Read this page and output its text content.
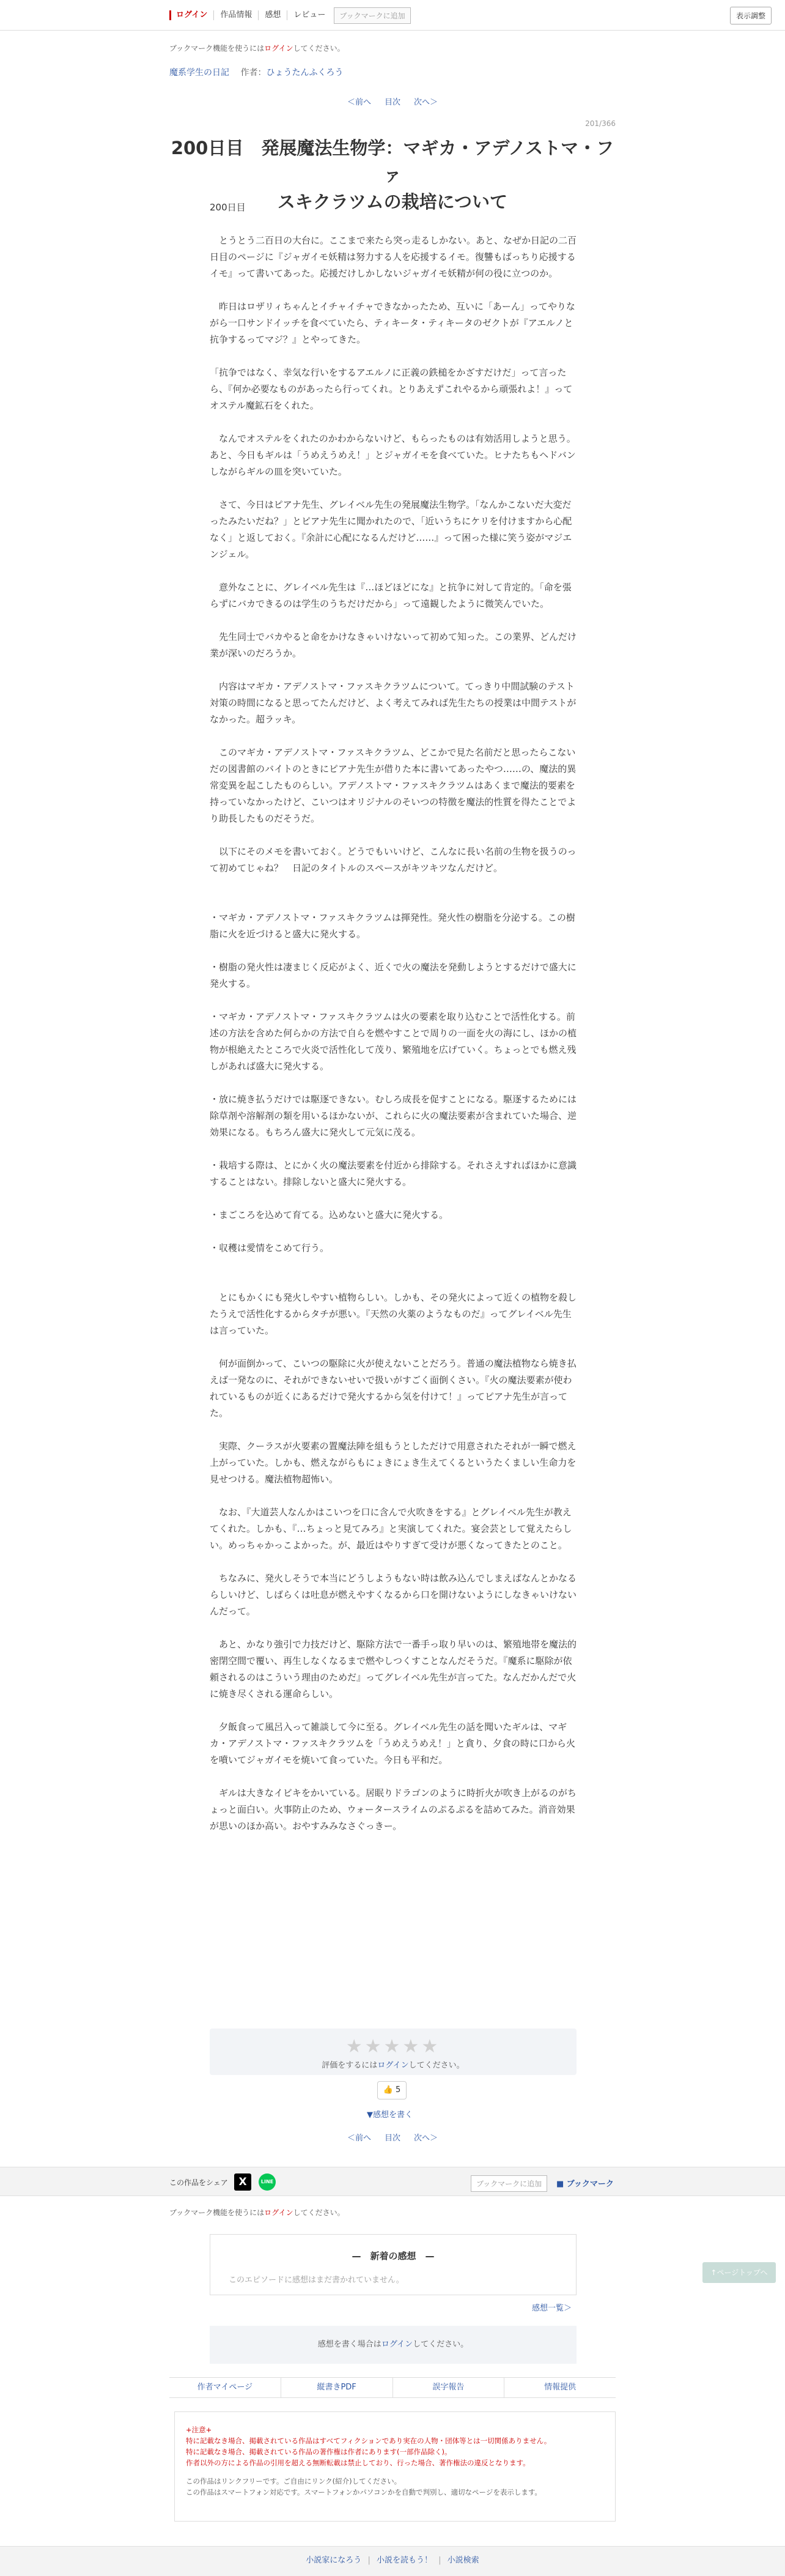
ログイン	作品情報	感想	レビュー	ブックマークに追加	表示調整
ブックマーク機能を使うにはログインしてください。
魔系学生の日記 作者：ひょうたんふくろう
＜前へ 目次 次へ＞
201/366
200日目　発展魔法生物学：マギカ・アデノストマ・ファ
スキクラツムの栽培について

200日目

　とうとう二百日の大台に。ここまで来たら突っ走るしかない。あと、なぜか日記の二百日目のページに『ジャガイモ妖精は努力する人を応援するイモ。復讐もばっちり応援するイモ』って書いてあった。応援だけしかしないジャガイモ妖精が何の役に立つのか。

　昨日はロザリィちゃんとイチャイチャできなかったため、互いに「あーん」ってやりながら一口サンドイッチを食べていたら、ティキータ・ティキータのゼクトが『アエルノと抗争するってマジ？』とやってきた。

「抗争ではなく、幸気な行いをするアエルノに正義の鉄槌をかざすだけだ」って言ったら、『何か必要なものがあったら行ってくれ。とりあえずこれやるから頑張れよ！』ってオステル魔鉱石をくれた。

　なんでオステルをくれたのかわからないけど、もらったものは有効活用しようと思う。あと、今日もギルは「うめえうめえ！」とジャガイモを食べていた。ヒナたちもヘドバンしながらギルの皿を突いていた。

　さて、今日はピアナ先生、グレイベル先生の発展魔法生物学。「なんかこないだ大変だったみたいだね？」とピアナ先生に聞かれたので、「近いうちにケリを付けますから心配なく」と返しておく。『余計に心配になるんだけど……』って困った様に笑う姿がマジエンジェル。

　意外なことに、グレイベル先生は『…ほどほどにな』と抗争に対して肯定的。「命を張らずにバカできるのは学生のうちだけだから」って遠観したように微笑んでいた。

　先生同士でバカやると命をかけなきゃいけないって初めて知った。この業界、どんだけ業が深いのだろうか。

　内容はマギカ・アデノストマ・ファスキクラツムについて。てっきり中間試験のテスト対策の時間になると思ってたんだけど、よく考えてみれば先生たちの授業は中間テストがなかった。超ラッキ。

　このマギカ・アデノストマ・ファスキクラツム、どこかで見た名前だと思ったらこないだの図書館のバイトのときにピアナ先生が借りた本に書いてあったやつ……の、魔法的異常変異を起こしたものらしい。アデノストマ・ファスキクラツムはあくまで魔法的要素を持っていなかったけど、こいつはオリジナルのそいつの特徴を魔法的性質を得たことでより助長したものだそうだ。

　以下にそのメモを書いておく。どうでもいいけど、こんなに長い名前の生物を扱うのって初めてじゃね？　日記のタイトルのスペースがキツキツなんだけど。

・マギカ・アデノストマ・ファスキクラツムは揮発性。発火性の樹脂を分泌する。この樹脂に火を近づけると盛大に発火する。

・樹脂の発火性は凄まじく反応がよく、近くで火の魔法を発動しようとするだけで盛大に発火する。

・マギカ・アデノストマ・ファスキクラツムは火の要素を取り込むことで活性化する。前述の方法を含めた何らかの方法で自らを燃やすことで周りの一面を火の海にし、ほかの植物が根絶えたところで火炎で活性化して茂り、繁殖地を広げていく。ちょっとでも燃え残しがあれば盛大に発火する。

・放に焼き払うだけでは駆逐できない。むしろ成長を促すことになる。駆逐するためには除草剤や溶解剤の類を用いるほかないが、これらに火の魔法要素が含まれていた場合、逆効果になる。もちろん盛大に発火して元気に茂る。

・栽培する際は、とにかく火の魔法要素を付近から排除する。それさえすればほかに意識することはない。排除しないと盛大に発火する。

・まごころを込めて育てる。込めないと盛大に発火する。

・収穫は愛情をこめて行う。

　とにもかくにも発火しやすい植物らしい。しかも、その発火によって近くの植物を殺したうえで活性化するからタチが悪い。『天然の火薬のようなものだ』ってグレイベル先生は言っていた。

　何が面倒かって、こいつの駆除に火が使えないことだろう。普通の魔法植物なら焼き払えば一発なのに、それができないせいで扱いがすごく面倒くさい。『火の魔法要素が使われているものが近くにあるだけで発火するから気を付けて！』ってピアナ先生が言ってた。

　実際、クーラスが火要素の置魔法陣を組もうとしただけで用意されたそれが一瞬で燃え上がっていた。しかも、燃えながらもにょきにょき生えてくるというたくましい生命力を見せつける。魔法植物超怖い。

　なお、『大道芸人なんかはこいつを口に含んで火吹きをする』とグレイベル先生が教えてくれた。しかも、『…ちょっと見てみろ』と実演してくれた。宴会芸として覚えたらしい。めっちゃかっこよかった。が、最近はやりすぎて受けが悪くなってきたとのこと。

　ちなみに、発火しそうで本当にどうしようもない時は飲み込んでしまえばなんとかなるらしいけど、しばらくは吐息が燃えやすくなるから口を開けないようにしなきゃいけないんだって。

　あと、かなり強引で力技だけど、駆除方法で一番手っ取り早いのは、繁殖地帯を魔法的密閉空間で覆い、再生しなくなるまで燃やしつくすことなんだそうだ。『魔系に駆除が依頼されるのはこういう理由のためだ』ってグレイベル先生が言ってた。なんだかんだで火に焼き尽くされる運命らしい。

　夕飯食って風呂入って雑談して今に至る。グレイベル先生の話を聞いたギルは、マギカ・アデノストマ・ファスキクラツムを「うめえうめえ！」と貪り、夕食の時に口から火を噴いてジャガイモを焼いて食っていた。今日も平和だ。

　ギルは大きなイビキをかいている。居眠りドラゴンのように時折火が吹き上がるのがちょっと面白い。火事防止のため、ウォータースライムのぷるぷるを詰めてみた。消音効果が思いのほか高い。おやすみみなさぐっきー。

★★★★★
評価をするにはログインしてください。
👍 5
▼感想を書く
＜前へ 目次 次へ＞
この作品をシェア	X	LINE	ブックマークに追加	■ ブックマーク
ブックマーク機能を使うにはログインしてください。
—　新着の感想　—
このエピソードに感想はまだ書かれていません。
感想一覧＞
↑ページトップへ
感想を書く場合はログインしてください。
作者マイページ	縦書きPDF	誤字報告	情報提供
+注意+
特に記載なき場合、掲載されている作品はすべてフィクションであり実在の人物・団体等とは一切関係ありません。
特に記載なき場合、掲載されている作品の著作権は作者にあります(一部作品除く)。
作者以外の方による作品の引用を超える無断転載は禁止しており、行った場合、著作権法の違反となります。
この作品はリンクフリーです。ご自由にリンク(紹介)してください。
この作品はスマートフォン対応です。スマートフォンかパソコンかを自動で判別し、適切なページを表示します。
小説家になろう | 小説を読もう！ | 小説検索
